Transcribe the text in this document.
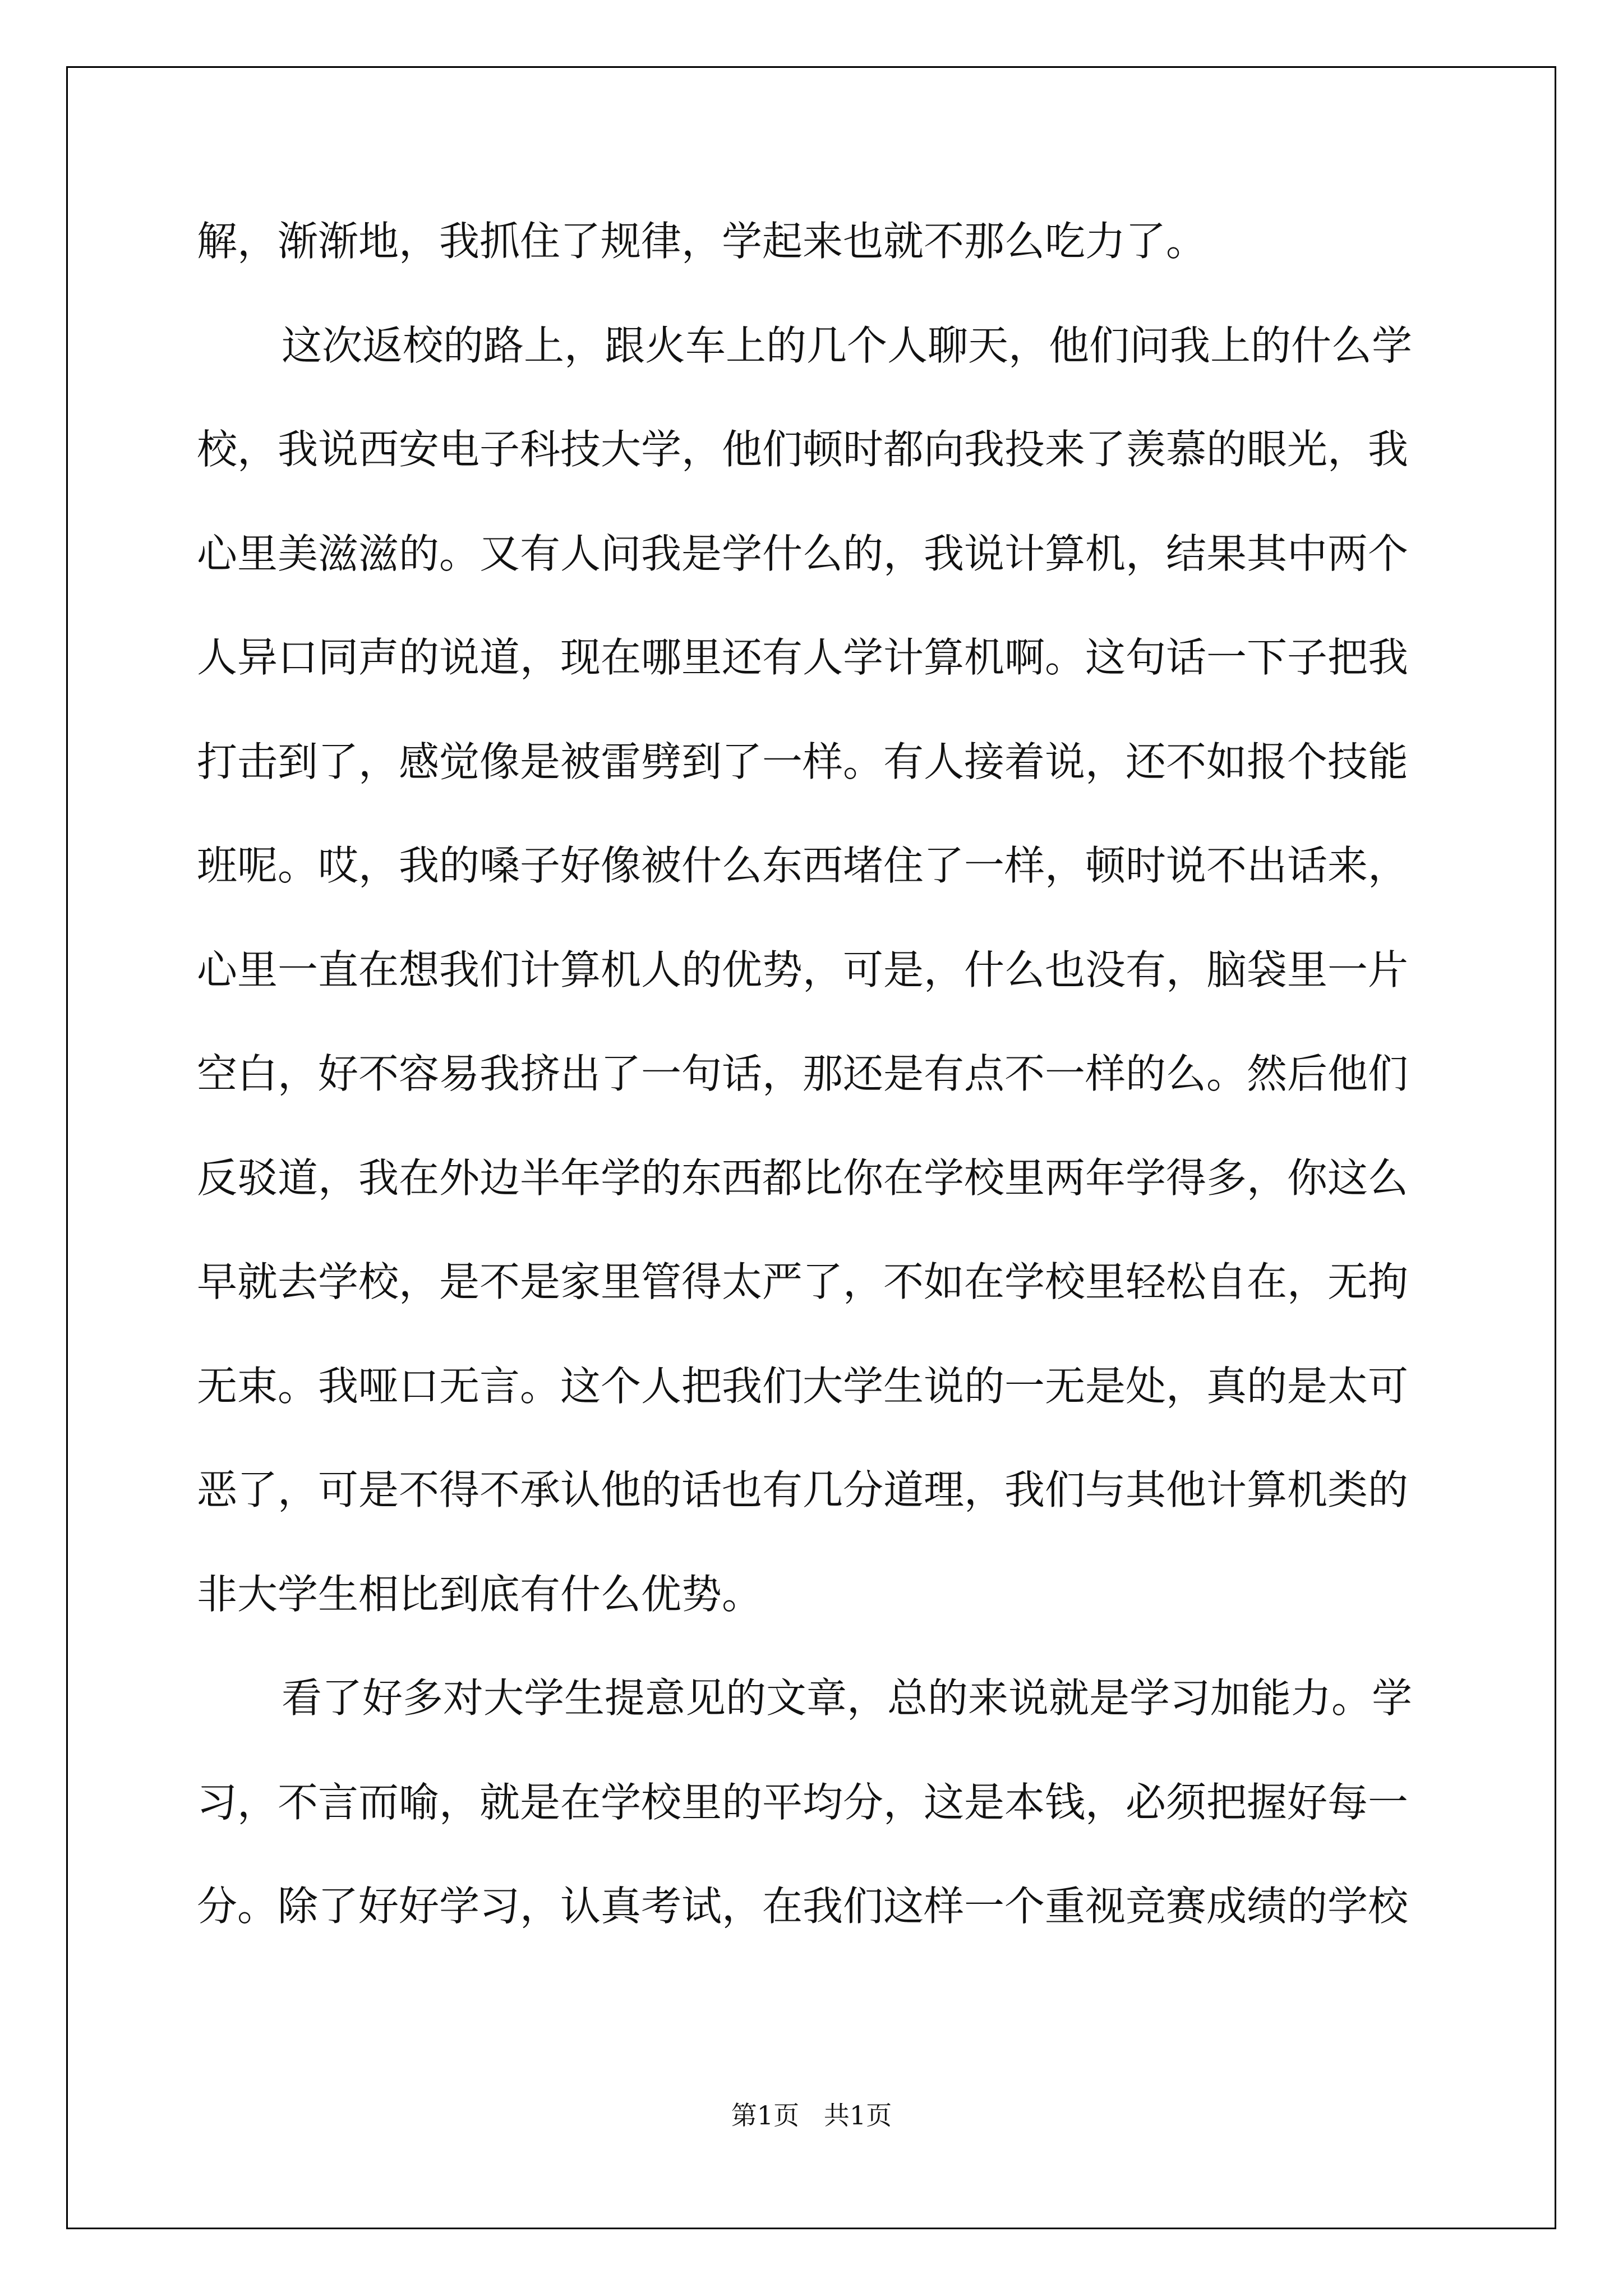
解，渐渐地，我抓住了规律，学起来也就不那么吃力了。
这次返校的路上，跟火车上的几个人聊天，他们问我上的什么学
校，我说西安电子科技大学，他们顿时都向我投来了羡慕的眼光，我
心里美滋滋的。又有人问我是学什么的，我说计算机，结果其中两个
人异口同声的说道，现在哪里还有人学计算机啊。这句话一下子把我
打击到了，感觉像是被雷劈到了一样。有人接着说，还不如报个技能
班呢。哎，我的嗓子好像被什么东西堵住了一样，顿时说不出话来，
心里一直在想我们计算机人的优势，可是，什么也没有，脑袋里一片
空白，好不容易我挤出了一句话，那还是有点不一样的么。然后他们
反驳道，我在外边半年学的东西都比你在学校里两年学得多，你这么
早就去学校，是不是家里管得太严了，不如在学校里轻松自在，无拘
无束。我哑口无言。这个人把我们大学生说的一无是处，真的是太可
恶了，可是不得不承认他的话也有几分道理，我们与其他计算机类的
非大学生相比到底有什么优势。
看了好多对大学生提意见的文章，总的来说就是学习加能力。学
习，不言而喻，就是在学校里的平均分，这是本钱，必须把握好每一
分。除了好好学习，认真考试，在我们这样一个重视竞赛成绩的学校
第1页   共1页
